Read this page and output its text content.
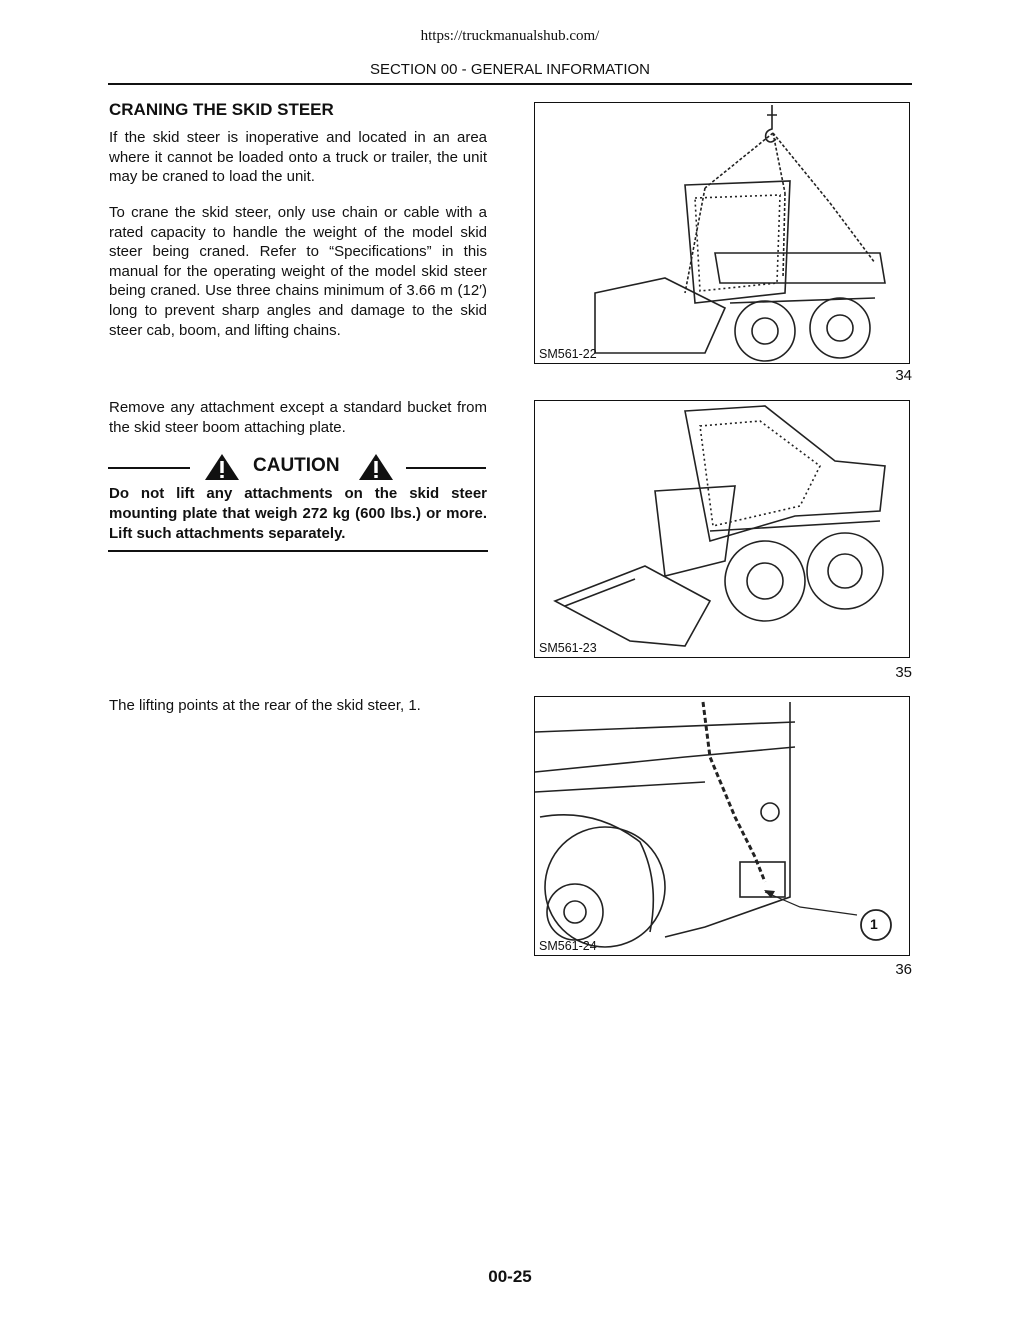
https://truckmanualshub.com/
SECTION 00 - GENERAL INFORMATION
CRANING THE SKID STEER

If the skid steer is inoperative and located in an area where it cannot be loaded onto a truck or trailer, the unit may be craned to load the unit.

To crane the skid steer, only use chain or cable with a rated capacity to handle the weight of the model skid steer being craned. Refer to “Specifications” in this manual for the operating weight of the model skid steer being craned. Use three chains minimum of 3.66 m (12′) long to prevent sharp angles and damage to the skid steer cab, boom, and lifting chains.

Remove any attachment except a standard bucket from the skid steer boom attaching plate.

CAUTION

Do not lift any attachments on the skid steer mounting plate that weigh 272 kg (600 lbs.) or more. Lift such attachments separately.

The lifting points at the rear of the skid steer, 1.

SM561-22
34
SM561-23
35
1
SM561-24
36
00-25
